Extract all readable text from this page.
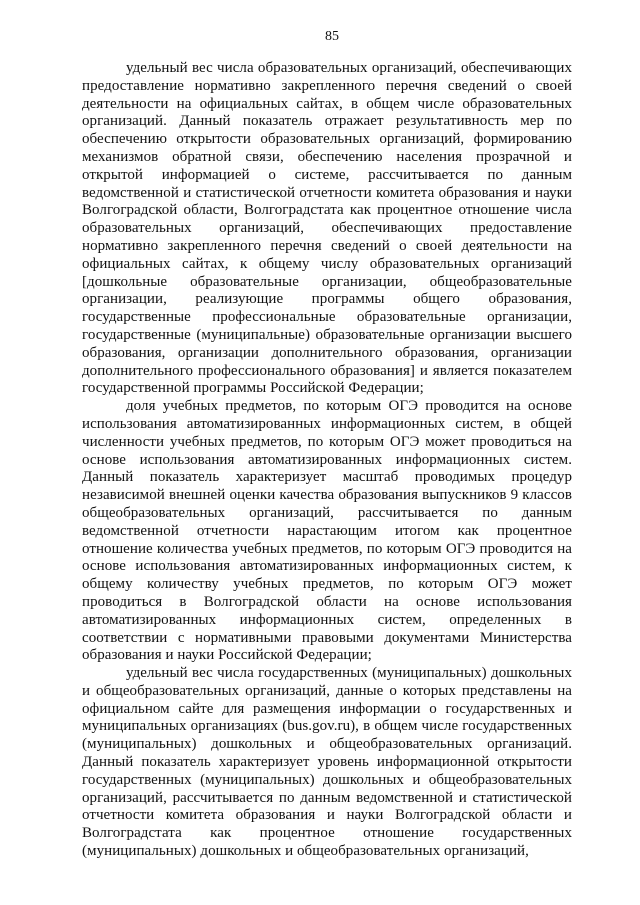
85

удельный вес числа образовательных организаций, обеспечивающих предоставление нормативно закрепленного перечня сведений о своей деятельности на официальных сайтах, в общем числе образовательных организаций. Данный показатель отражает результативность мер по обеспечению открытости образовательных организаций, формированию механизмов обратной связи, обеспечению населения прозрачной и открытой информацией о системе, рассчитывается по данным ведомственной и статистической отчетности комитета образования и науки Волгоградской области, Волгоградстата как процентное отношение числа образовательных организаций, обеспечивающих предоставление нормативно закрепленного перечня сведений о своей деятельности на официальных сайтах, к общему числу образовательных организаций [дошкольные образовательные организации, общеобразовательные организации, реализующие программы общего образования, государственные профессиональные образовательные организации, государственные (муниципальные) образовательные организации высшего образования, организации дополнительного образования, организации дополнительного профессионального образования] и является показателем государственной программы Российской Федерации;

доля учебных предметов, по которым ОГЭ проводится на основе использования автоматизированных информационных систем, в общей численности учебных предметов, по которым ОГЭ может проводиться на основе использования автоматизированных информационных систем. Данный показатель характеризует масштаб проводимых процедур независимой внешней оценки качества образования выпускников 9 классов общеобразовательных организаций, рассчитывается по данным ведомственной отчетности нарастающим итогом как процентное отношение количества учебных предметов, по которым ОГЭ проводится на основе использования автоматизированных информационных систем, к общему количеству учебных предметов, по которым ОГЭ может проводиться в Волгоградской области на основе использования автоматизированных информационных систем, определенных в соответствии с нормативными правовыми документами Министерства образования и науки Российской Федерации;

удельный вес числа государственных (муниципальных) дошкольных и общеобразовательных организаций, данные о которых представлены на официальном сайте для размещения информации о государственных и муниципальных организациях (bus.gov.ru), в общем числе государственных (муниципальных) дошкольных и общеобразовательных организаций. Данный показатель характеризует уровень информационной открытости государственных (муниципальных) дошкольных и общеобразовательных организаций, рассчитывается по данным ведомственной и статистической отчетности комитета образования и науки Волгоградской области и Волгоградстата как процентное отношение государственных (муниципальных) дошкольных и общеобразовательных организаций,
